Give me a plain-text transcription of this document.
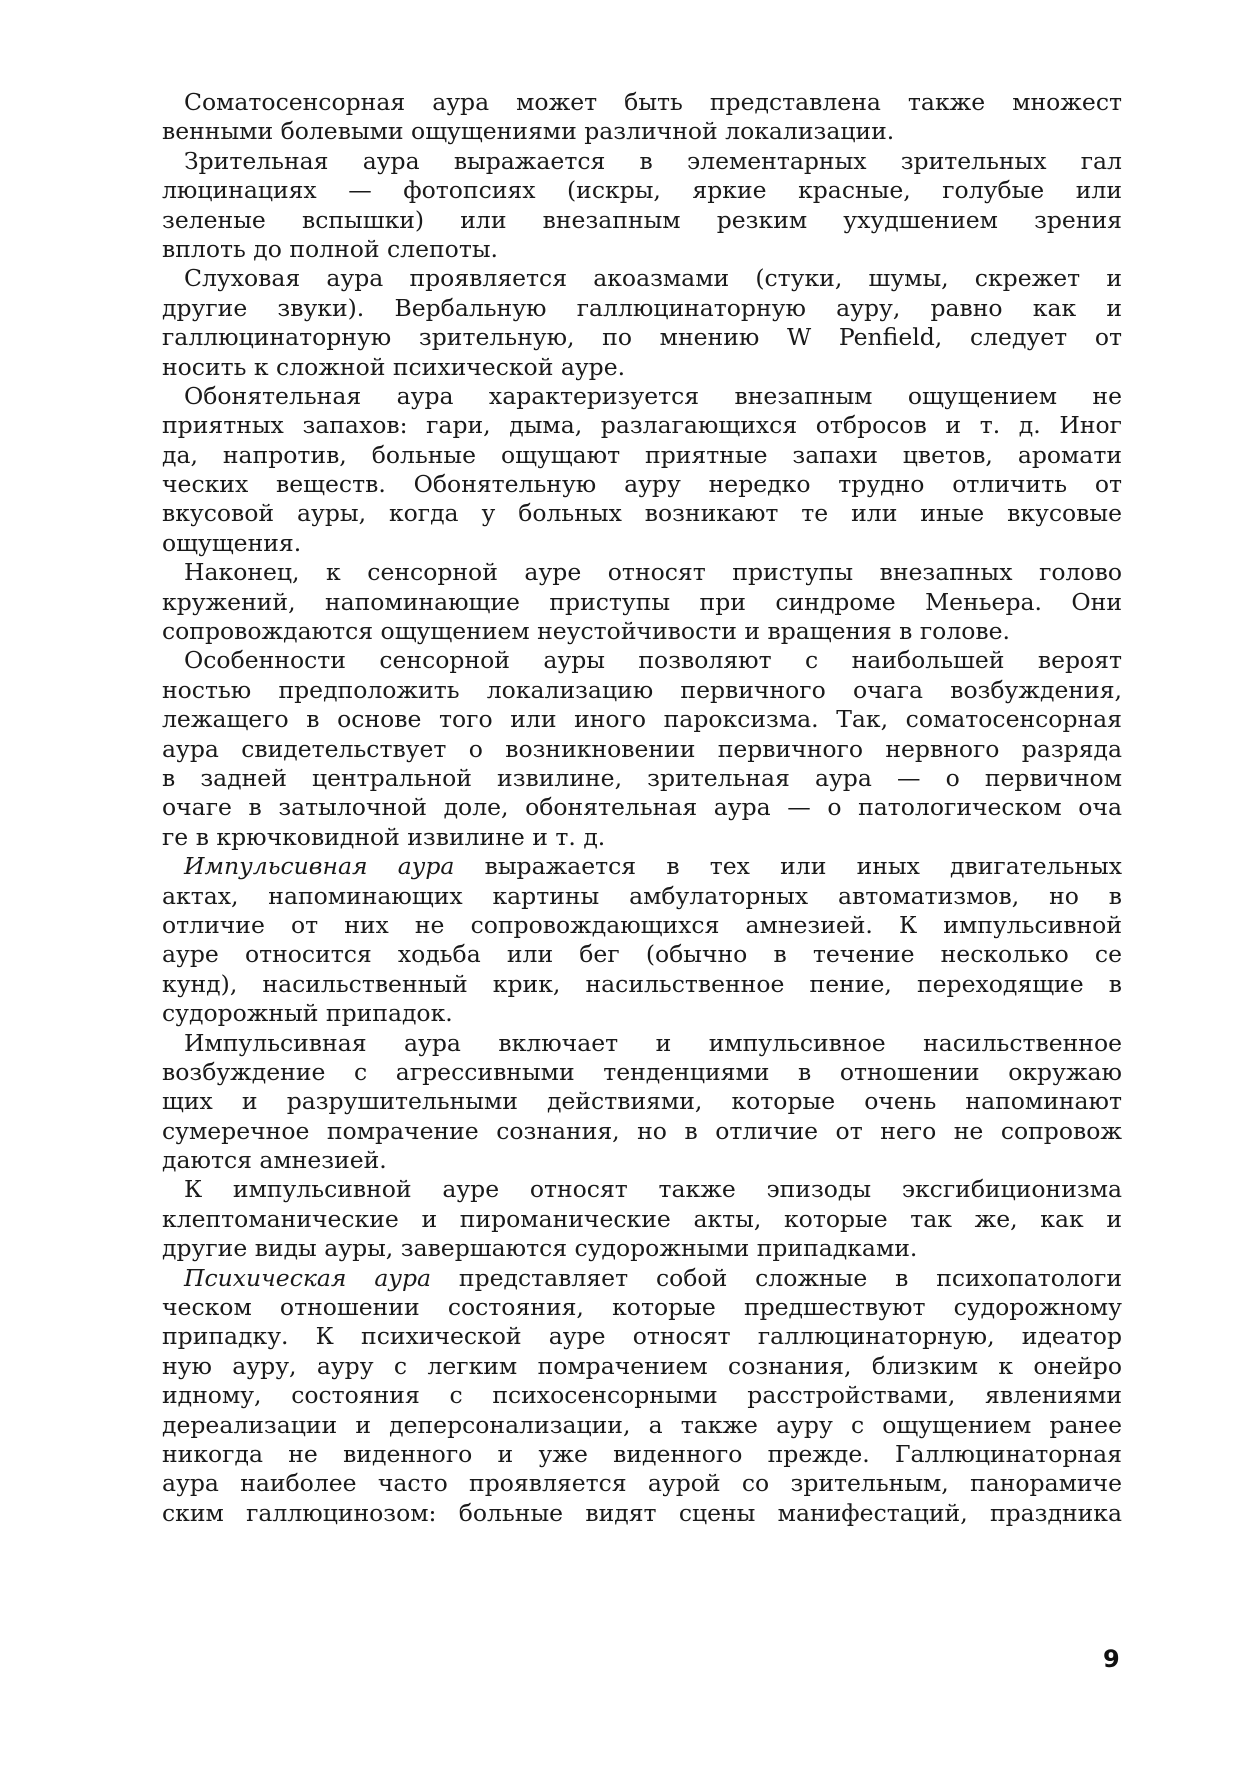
Соматосенсорная аура может быть представлена также множест
венными болевыми ощущениями различной локализации.
Зрительная аура выражается в элементарных зрительных гал
люцинациях — фотопсиях (искры, яркие красные, голубые или
зеленые вспышки) или внезапным резким ухудшением зрения
вплоть до полной слепоты.
Слуховая аура проявляется акоазмами (стуки, шумы, скрежет и
другие звуки). Вербальную галлюцинаторную ауру, равно как и
галлюцинаторную зрительную, по мнению W Penfield, следует от
носить к сложной психической ауре.
Обонятельная аура характеризуется внезапным ощущением не
приятных запахов: гари, дыма, разлагающихся отбросов и т. д. Иног
да, напротив, больные ощущают приятные запахи цветов, аромати
ческих веществ. Обонятельную ауру нередко трудно отличить от
вкусовой ауры, когда у больных возникают те или иные вкусовые
ощущения.
Наконец, к сенсорной ауре относят приступы внезапных голово
кружений, напоминающие приступы при синдроме Меньера. Они
сопровождаются ощущением неустойчивости и вращения в голове.
Особенности сенсорной ауры позволяют с наибольшей вероят
ностью предположить локализацию первичного очага возбуждения,
лежащего в основе того или иного пароксизма. Так, соматосенсорная
аура свидетельствует о возникновении первичного нервного разряда
в задней центральной извилине, зрительная аура — о первичном
очаге в затылочной доле, обонятельная аура — о патологическом оча
ге в крючковидной извилине и т. д.
Импульсивная аура выражается в тех или иных двигательных
актах, напоминающих картины амбулаторных автоматизмов, но в
отличие от них не сопровождающихся амнезией. К импульсивной
ауре относится ходьба или бег (обычно в течение несколько се
кунд), насильственный крик, насильственное пение, переходящие в
судорожный припадок.
Импульсивная аура включает и импульсивное насильственное
возбуждение с агрессивными тенденциями в отношении окружаю
щих и разрушительными действиями, которые очень напоминают
сумеречное помрачение сознания, но в отличие от него не сопровож
даются амнезией.
К импульсивной ауре относят также эпизоды эксгибиционизма
клептоманические и пироманические акты, которые так же, как и
другие виды ауры, завершаются судорожными припадками.
Психическая аура представляет собой сложные в психопатологи
ческом отношении состояния, которые предшествуют судорожному
припадку. К психической ауре относят галлюцинаторную, идеатор
ную ауру, ауру с легким помрачением сознания, близким к онейро
идному, состояния с психосенсорными расстройствами, явлениями
дереализации и деперсонализации, а также ауру с ощущением ранее
никогда не виденного и уже виденного прежде. Галлюцинаторная
аура наиболее часто проявляется аурой со зрительным, панорамиче
ским галлюцинозом: больные видят сцены манифестаций, праздника
9
